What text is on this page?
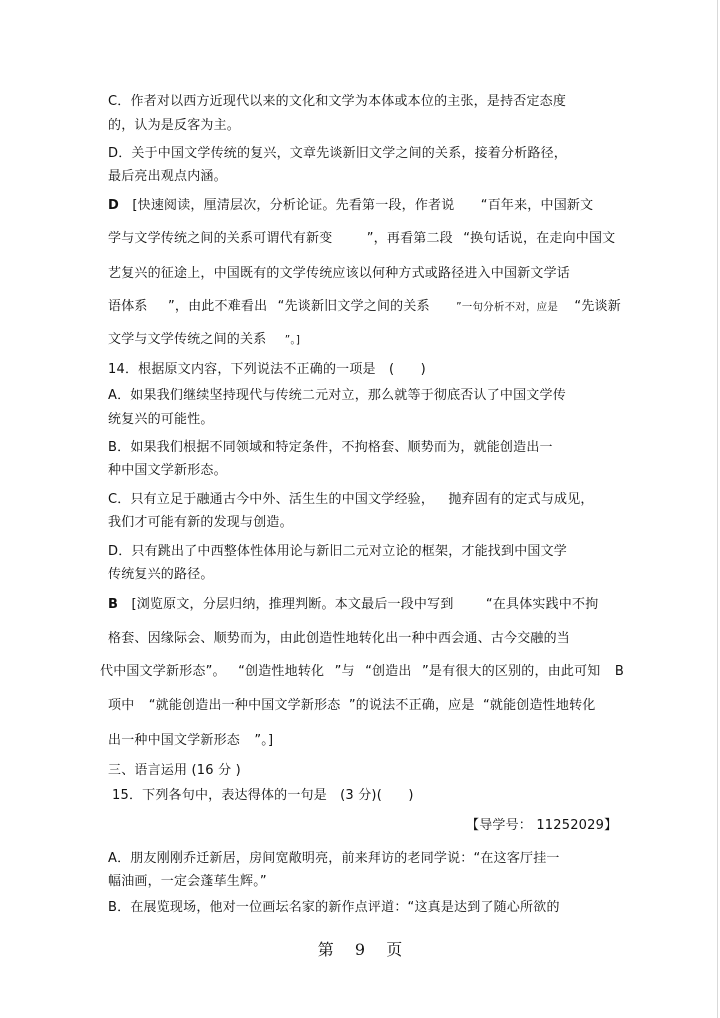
C．作者对以西方近现代以来的文化和文学为本体或本位的主张，是持否定态度
的，认为是反客为主。
D．关于中国文学传统的复兴，文章先谈新旧文学之间的关系，接着分析路径，
最后亮出观点内涵。
D [快速阅读，厘清层次，分析论证。先看第一段，作者说 “百年来，中国新文
学与文学传统之间的关系可谓代有新变	”，再看第二段 “换句话说，在走向中国文
艺复兴的征途上，中国既有的文学传统应该以何种方式或路径进入中国新文学话
语体系 ”，由此不难看出 “先谈新旧文学之间的关系	”一句分析不对，应是 “先谈新
文学与文学传统之间的关系 ”。]
14．根据原文内容，下列说法不正确的一项是　(　　)
A．如果我们继续坚持现代与传统二元对立，那么就等于彻底否认了中国文学传
统复兴的可能性。
B．如果我们根据不同领域和特定条件，不拘格套、顺势而为，就能创造出一
种中国文学新形态。
C．只有立足于融通古今中外、活生生的中国文学经验， 抛弃固有的定式与成见，
我们才可能有新的发现与创造。
D．只有跳出了中西整体性体用论与新旧二元对立论的框架，才能找到中国文学
传统复兴的路径。
B [浏览原文，分层归纳，推理判断。本文最后一段中写到 “在具体实践中不拘
格套、因缘际会、顺势而为，由此创造性地转化出一种中西会通、古今交融的当
代中国文学新形态”。 “创造性地转化 ”与 “创造出 ”是有很大的区别的，由此可知 B
项中 “就能创造出一种中国文学新形态 ”的说法不正确，应是 “就能创造性地转化
出一种中国文学新形态 ”。]
三、语言运用 (16 分 )
15．下列各句中，表达得体的一句是　(3 分)(　　)
【导学号： 11252029】
A．朋友刚刚乔迁新居，房间宽敞明亮，前来拜访的老同学说：“在这客厅挂一
幅油画，一定会蓬荜生辉。”
B．在展览现场，他对一位画坛名家的新作点评道：“这真是达到了随心所欲的
第 9 页
